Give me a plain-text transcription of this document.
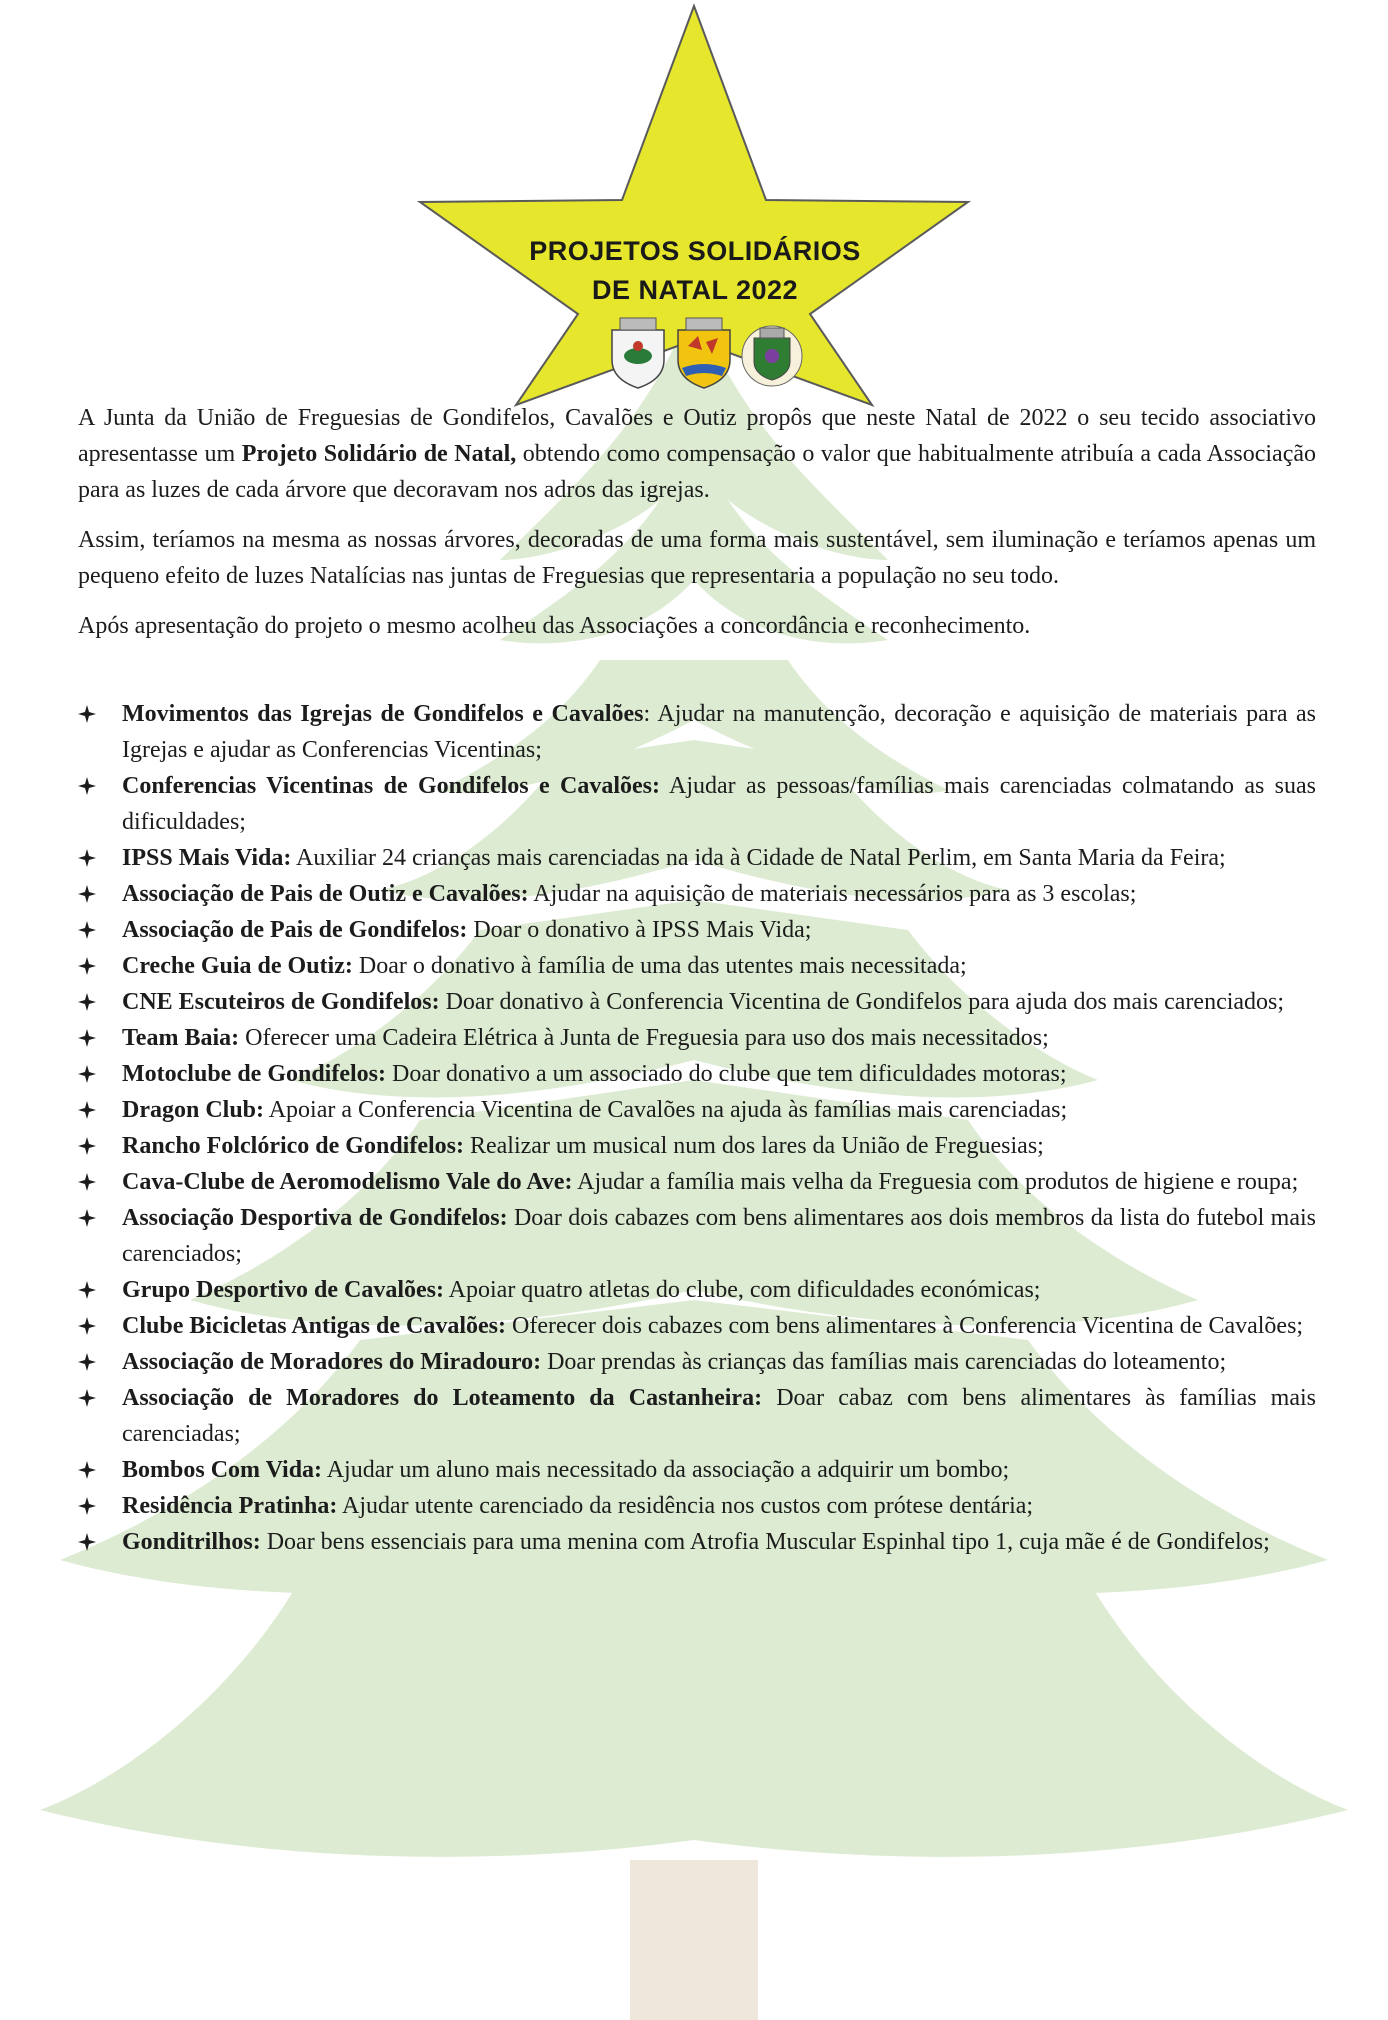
PROJETOS SOLIDÁRIOS
DE NATAL 2022

A Junta da União de Freguesias de Gondifelos, Cavalões e Outiz propôs que neste Natal de 2022 o seu tecido associativo apresentasse um Projeto Solidário de Natal, obtendo como compensação o valor que habitualmente atribuía a cada Associação para as luzes de cada árvore que decoravam nos adros das igrejas.

Assim, teríamos na mesma as nossas árvores, decoradas de uma forma mais sustentável, sem iluminação e teríamos apenas um pequeno efeito de luzes Natalícias nas juntas de Freguesias que representaria a população no seu todo.

Após apresentação do projeto o mesmo acolheu das Associações a concordância e reconhecimento.

Movimentos das Igrejas de Gondifelos e Cavalões: Ajudar na manutenção, decoração e aquisição de materiais para as Igrejas e ajudar as Conferencias Vicentinas;
Conferencias Vicentinas de Gondifelos e Cavalões: Ajudar as pessoas/famílias mais carenciadas colmatando as suas dificuldades;
IPSS Mais Vida: Auxiliar 24 crianças mais carenciadas na ida à Cidade de Natal Perlim, em Santa Maria da Feira;
Associação de Pais de Outiz e Cavalões: Ajudar na aquisição de materiais necessários para as 3 escolas;
Associação de Pais de Gondifelos: Doar o donativo à IPSS Mais Vida;
Creche Guia de Outiz: Doar o donativo à família de uma das utentes mais necessitada;
CNE Escuteiros de Gondifelos: Doar donativo à Conferencia Vicentina de Gondifelos para ajuda dos mais carenciados;
Team Baia: Oferecer uma Cadeira Elétrica à Junta de Freguesia para uso dos mais necessitados;
Motoclube de Gondifelos: Doar donativo a um associado do clube que tem dificuldades motoras;
Dragon Club: Apoiar a Conferencia Vicentina de Cavalões na ajuda às famílias mais carenciadas;
Rancho Folclórico de Gondifelos: Realizar um musical num dos lares da União de Freguesias;
Cava-Clube de Aeromodelismo Vale do Ave: Ajudar a família mais velha da Freguesia com produtos de higiene e roupa;
Associação Desportiva de Gondifelos: Doar dois cabazes com bens alimentares aos dois membros da lista do futebol mais carenciados;
Grupo Desportivo de Cavalões: Apoiar quatro atletas do clube, com dificuldades económicas;
Clube Bicicletas Antigas de Cavalões: Oferecer dois cabazes com bens alimentares à Conferencia Vicentina de Cavalões;
Associação de Moradores do Miradouro: Doar prendas às crianças das famílias mais carenciadas do loteamento;
Associação de Moradores do Loteamento da Castanheira: Doar cabaz com bens alimentares às famílias mais carenciadas;
Bombos Com Vida: Ajudar um aluno mais necessitado da associação a adquirir um bombo;
Residência Pratinha: Ajudar utente carenciado da residência nos custos com prótese dentária;
Gonditrilhos: Doar bens essenciais para uma menina com Atrofia Muscular Espinhal tipo 1, cuja mãe é de Gondifelos;
